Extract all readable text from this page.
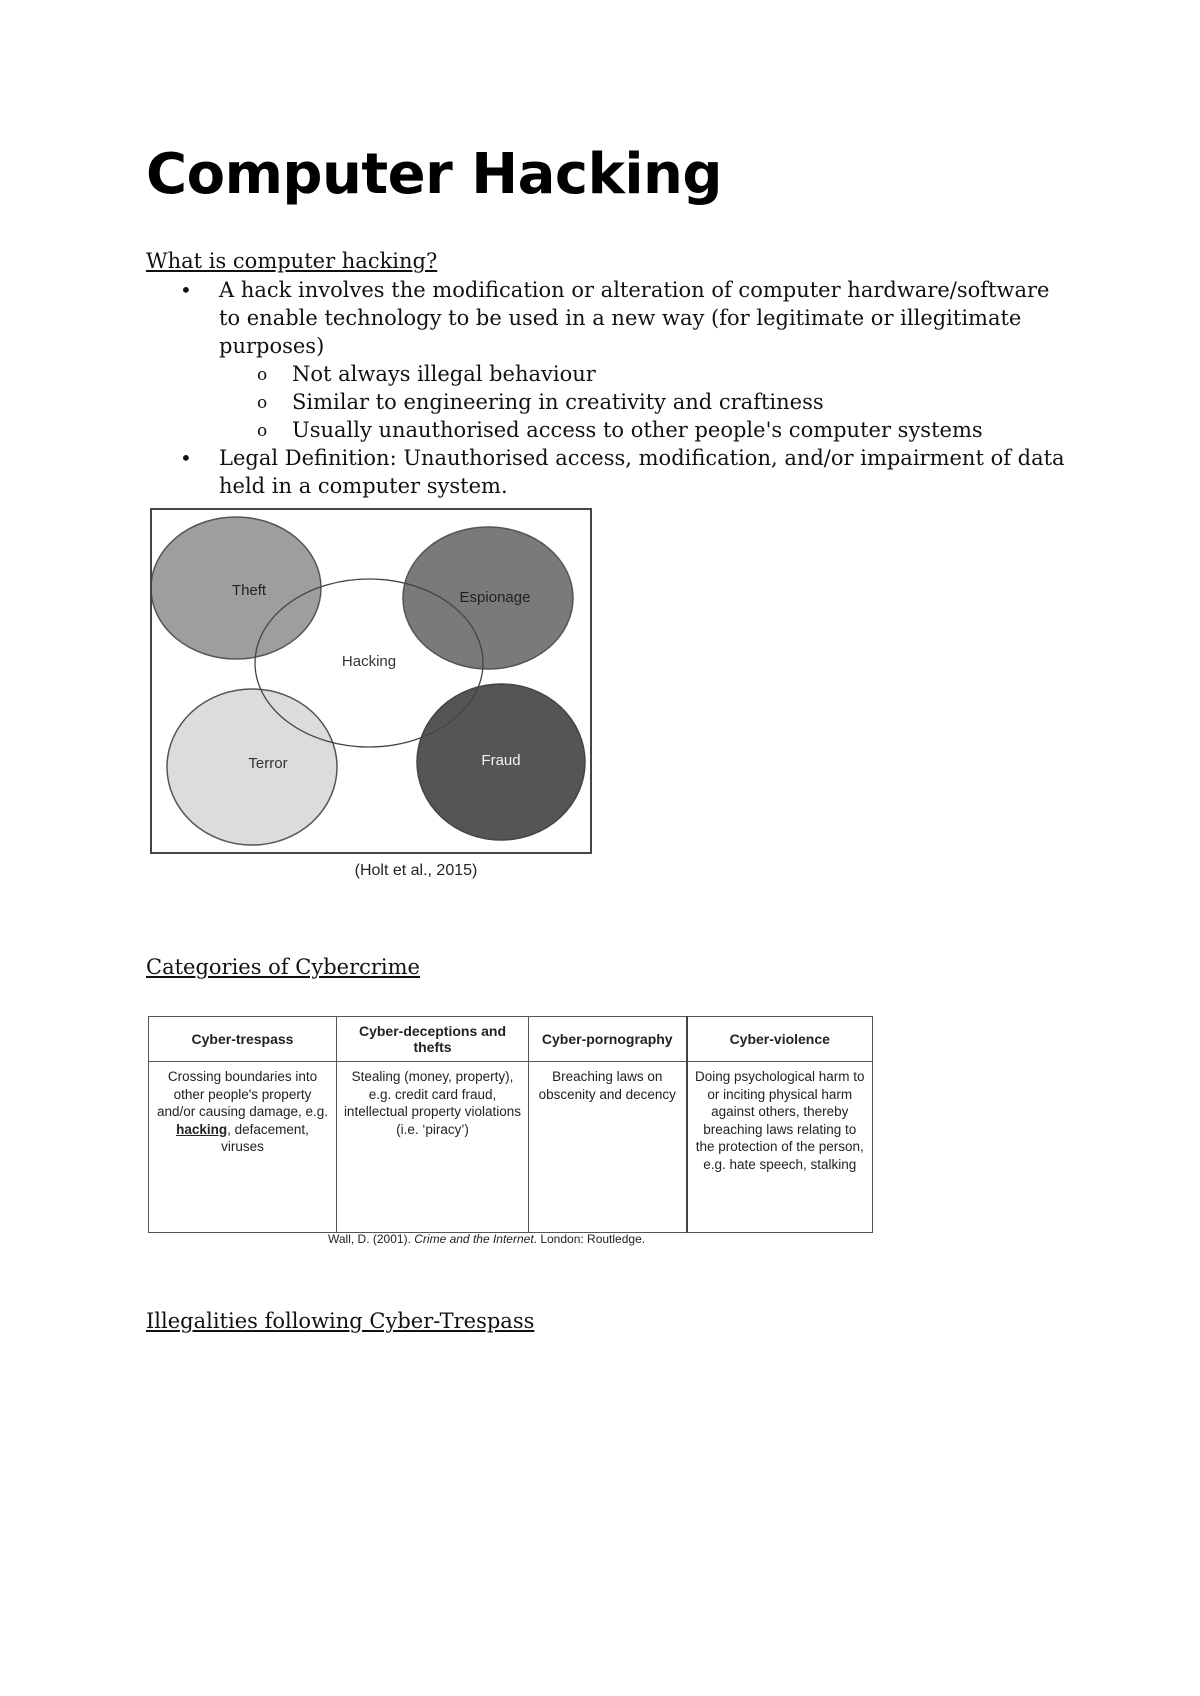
Computer Hacking
What is computer hacking?
• A hack involves the modification or alteration of computer hardware/software to enable technology to be used in a new way (for legitimate or illegitimate purposes)
o Not always illegal behaviour
o Similar to engineering in creativity and craftiness
o Usually unauthorised access to other people's computer systems
• Legal Definition: Unauthorised access, modification, and/or impairment of data held in a computer system.
Theft	Espionage
Hacking
Terror	Fraud
(Holt et al., 2015)
Categories of Cybercrime
Cyber-trespass	Cyber-deceptions and thefts	Cyber-pornography	Cyber-violence
Crossing boundaries into other people's property and/or causing damage, e.g. hacking, defacement, viruses	Stealing (money, property), e.g. credit card fraud, intellectual property violations (i.e. ‘piracy’)	Breaching laws on obscenity and decency	Doing psychological harm to or inciting physical harm against others, thereby breaching laws relating to the protection of the person, e.g. hate speech, stalking
Wall, D. (2001). Crime and the Internet. London: Routledge.
Illegalities following Cyber-Trespass
